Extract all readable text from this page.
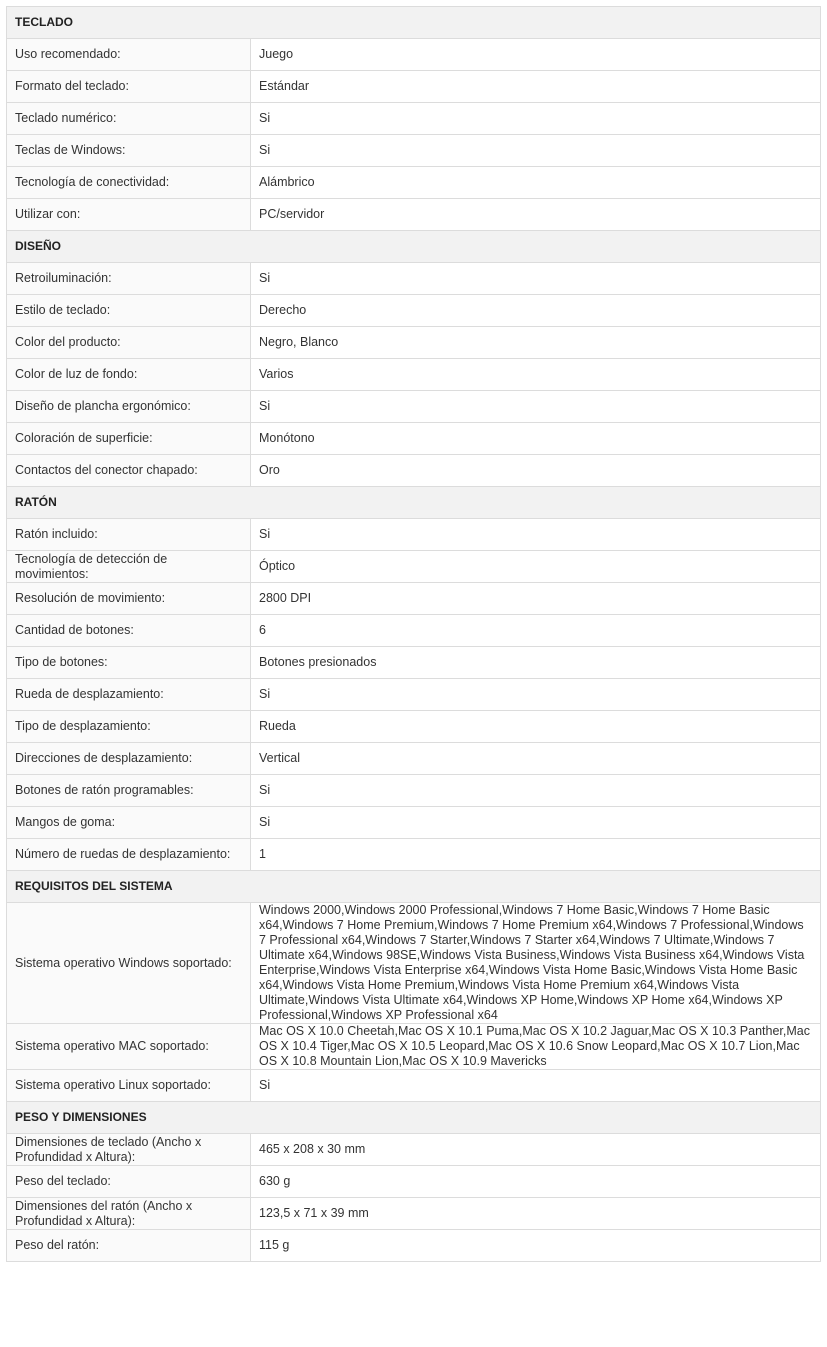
TECLADO	
Uso recomendado:	Juego
Formato del teclado:	Estándar
Teclado numérico:	Si
Teclas de Windows:	Si
Tecnología de conectividad:	Alámbrico
Utilizar con:	PC/servidor
DISEÑO	
Retroiluminación:	Si
Estilo de teclado:	Derecho
Color del producto:	Negro, Blanco
Color de luz de fondo:	Varios
Diseño de plancha ergonómico:	Si
Coloración de superficie:	Monótono
Contactos del conector chapado:	Oro
RATÓN	
Ratón incluido:	Si
Tecnología de detección de movimientos:	Óptico
Resolución de movimiento:	2800 DPI
Cantidad de botones:	6
Tipo de botones:	Botones presionados
Rueda de desplazamiento:	Si
Tipo de desplazamiento:	Rueda
Direcciones de desplazamiento:	Vertical
Botones de ratón programables:	Si
Mangos de goma:	Si
Número de ruedas de desplazamiento:	1
REQUISITOS DEL SISTEMA	
Sistema operativo Windows soportado:	Windows 2000,Windows 2000 Professional,Windows 7 Home Basic,Windows 7 Home Basic x64,Windows 7 Home Premium,Windows 7 Home Premium x64,Windows 7 Professional,Windows 7 Professional x64,Windows 7 Starter,Windows 7 Starter x64,Windows 7 Ultimate,Windows 7 Ultimate x64,Windows 98SE,Windows Vista Business,Windows Vista Business x64,Windows Vista Enterprise,Windows Vista Enterprise x64,Windows Vista Home Basic,Windows Vista Home Basic x64,Windows Vista Home Premium,Windows Vista Home Premium x64,Windows Vista Ultimate,Windows Vista Ultimate x64,Windows XP Home,Windows XP Home x64,Windows XP Professional,Windows XP Professional x64
Sistema operativo MAC soportado:	Mac OS X 10.0 Cheetah,Mac OS X 10.1 Puma,Mac OS X 10.2 Jaguar,Mac OS X 10.3 Panther,Mac OS X 10.4 Tiger,Mac OS X 10.5 Leopard,Mac OS X 10.6 Snow Leopard,Mac OS X 10.7 Lion,Mac OS X 10.8 Mountain Lion,Mac OS X 10.9 Mavericks
Sistema operativo Linux soportado:	Si
PESO Y DIMENSIONES	
Dimensiones de teclado (Ancho x Profundidad x Altura):	465 x 208 x 30 mm
Peso del teclado:	630 g
Dimensiones del ratón (Ancho x Profundidad x Altura):	123,5 x 71 x 39 mm
Peso del ratón:	115 g
